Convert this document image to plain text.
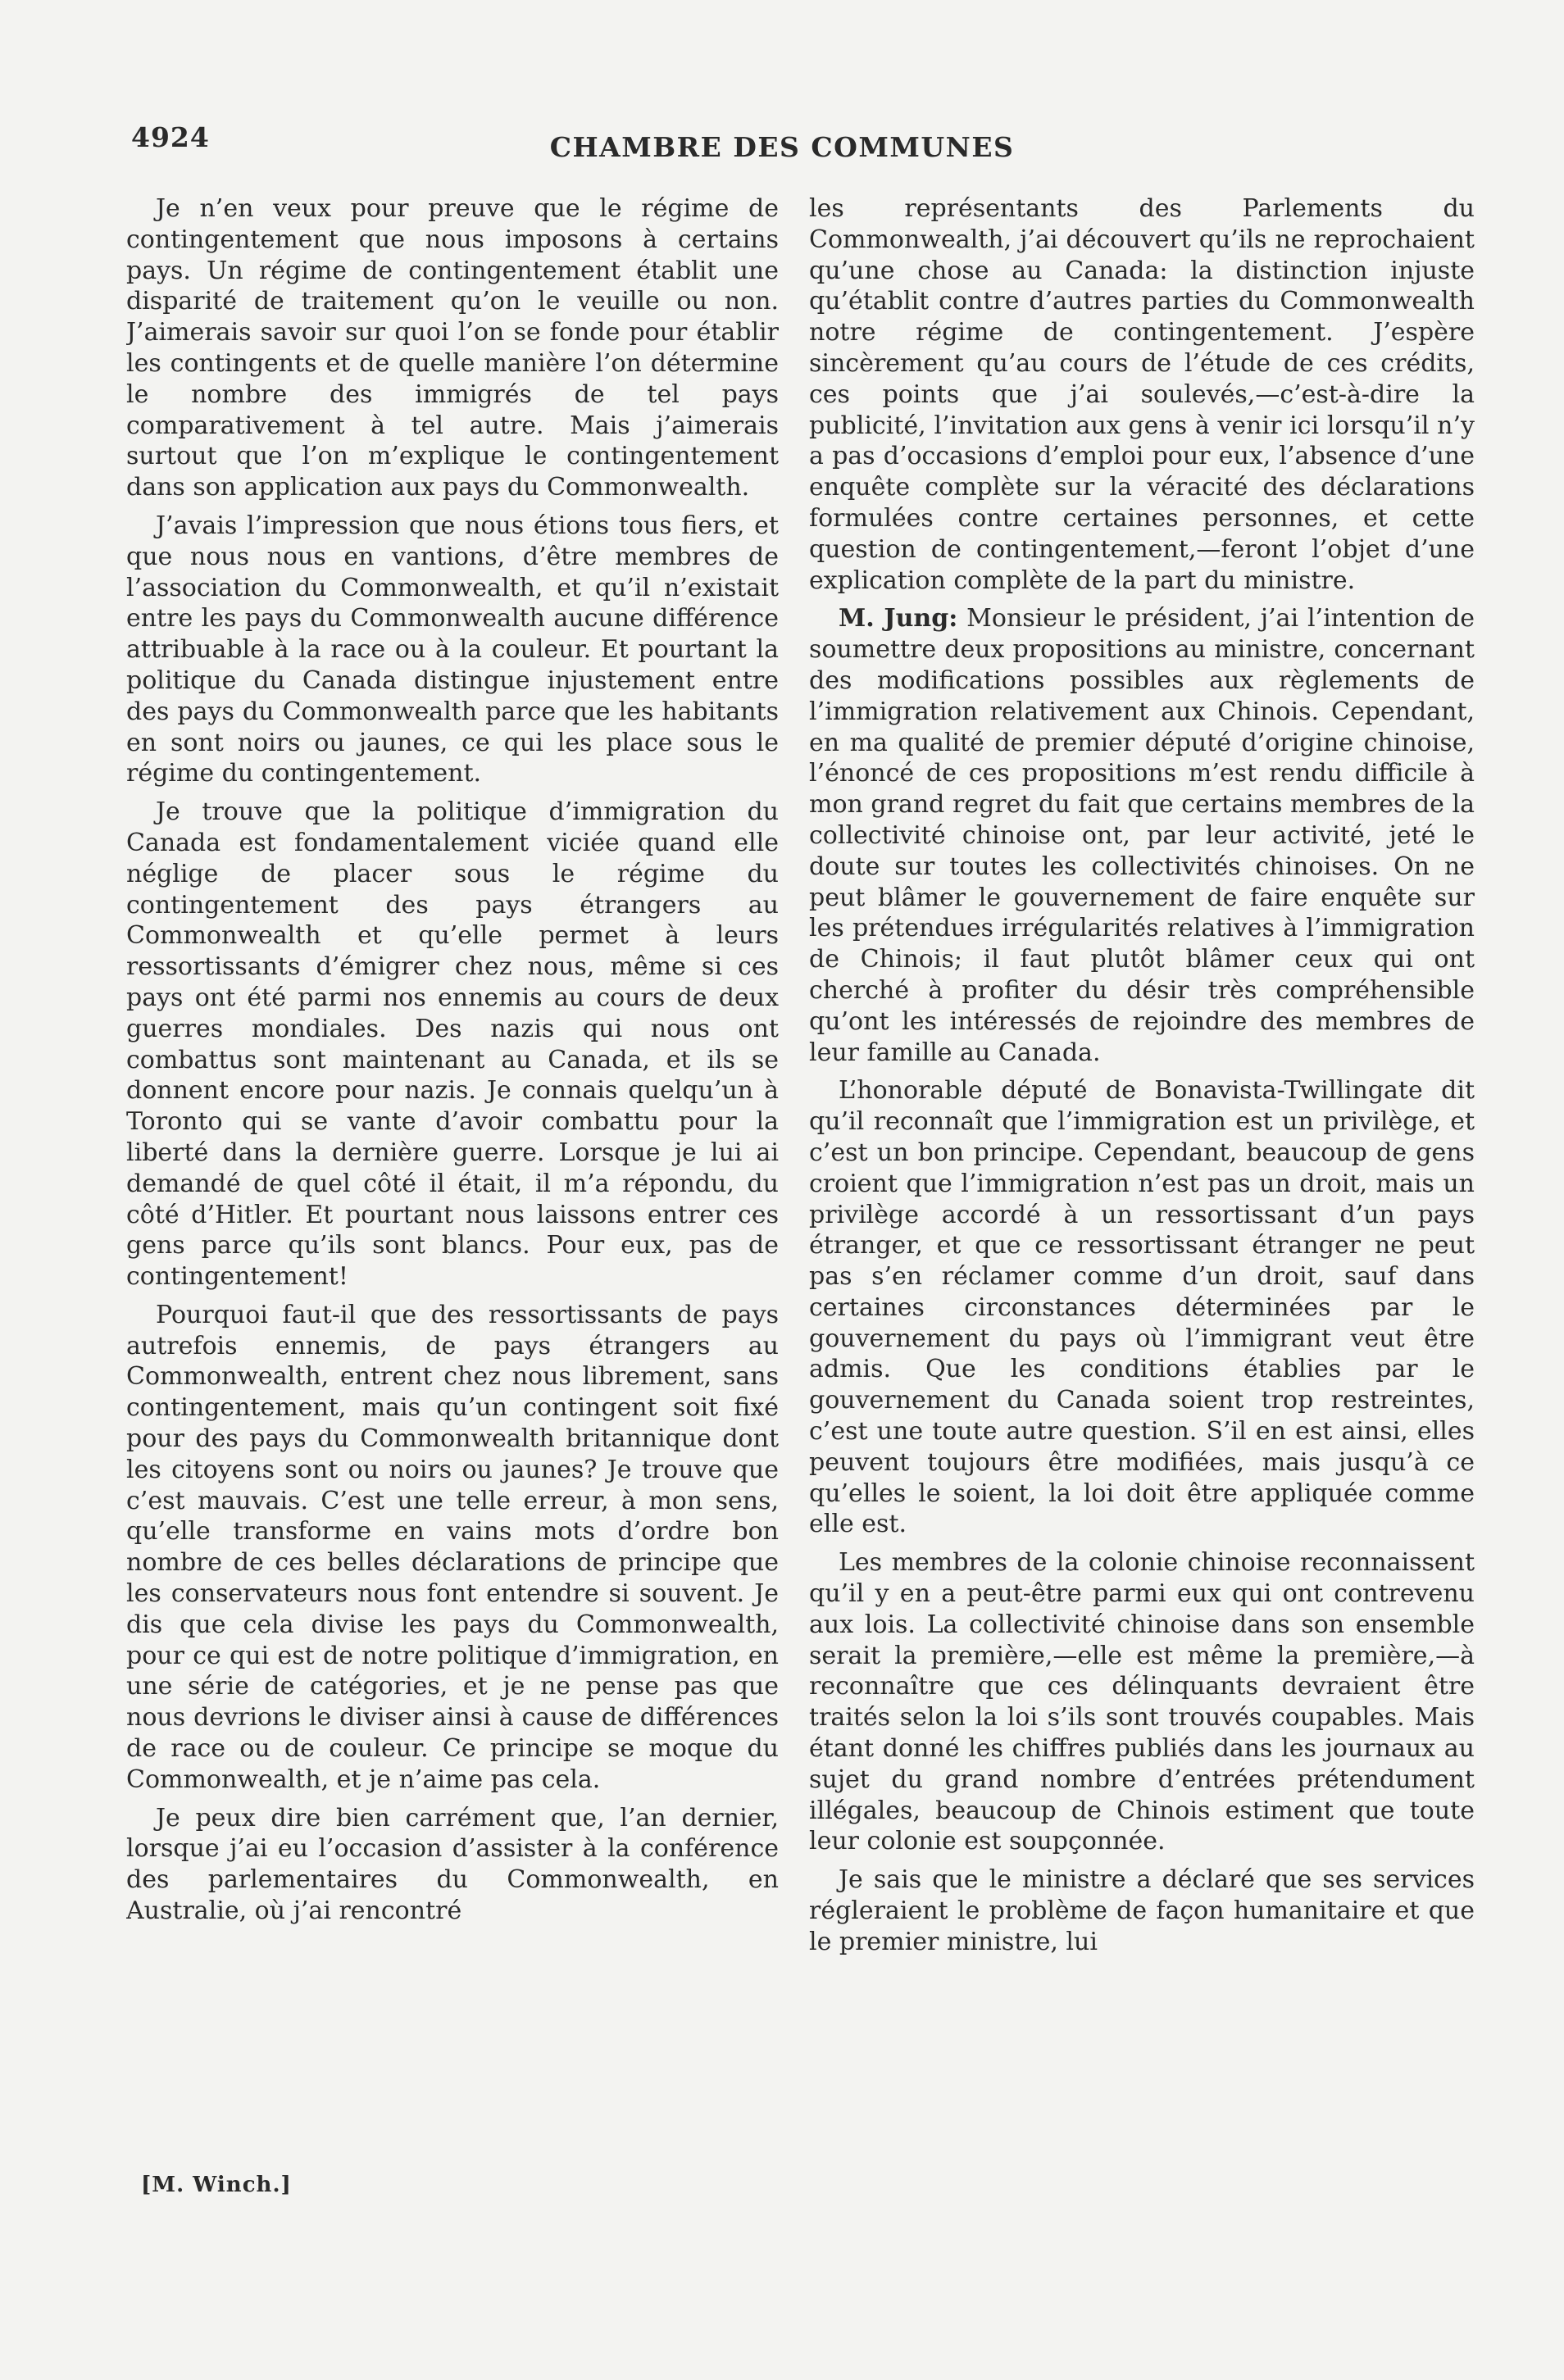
4924	CHAMBRE DES COMMUNES

Je n’en veux pour preuve que le régime de contingentement que nous imposons à certains pays. Un régime de contingentement établit une disparité de traitement qu’on le veuille ou non. J’aimerais savoir sur quoi l’on se fonde pour établir les contingents et de quelle manière l’on détermine le nombre des immigrés de tel pays comparativement à tel autre. Mais j’aimerais surtout que l’on m’explique le contingentement dans son application aux pays du Commonwealth.

J’avais l’impression que nous étions tous fiers, et que nous nous en vantions, d’être membres de l’association du Commonwealth, et qu’il n’existait entre les pays du Commonwealth aucune différence attribuable à la race ou à la couleur. Et pourtant la politique du Canada distingue injustement entre des pays du Commonwealth parce que les habitants en sont noirs ou jaunes, ce qui les place sous le régime du contingentement.

Je trouve que la politique d’immigration du Canada est fondamentalement viciée quand elle néglige de placer sous le régime du contingentement des pays étrangers au Commonwealth et qu’elle permet à leurs ressortissants d’émigrer chez nous, même si ces pays ont été parmi nos ennemis au cours de deux guerres mondiales. Des nazis qui nous ont combattus sont maintenant au Canada, et ils se donnent encore pour nazis. Je connais quelqu’un à Toronto qui se vante d’avoir combattu pour la liberté dans la dernière guerre. Lorsque je lui ai demandé de quel côté il était, il m’a répondu, du côté d’Hitler. Et pourtant nous laissons entrer ces gens parce qu’ils sont blancs. Pour eux, pas de contingentement!

Pourquoi faut-il que des ressortissants de pays autrefois ennemis, de pays étrangers au Commonwealth, entrent chez nous librement, sans contingentement, mais qu’un contingent soit fixé pour des pays du Commonwealth britannique dont les citoyens sont ou noirs ou jaunes? Je trouve que c’est mauvais. C’est une telle erreur, à mon sens, qu’elle transforme en vains mots d’ordre bon nombre de ces belles déclarations de principe que les conservateurs nous font entendre si souvent. Je dis que cela divise les pays du Commonwealth, pour ce qui est de notre politique d’immigration, en une série de catégories, et je ne pense pas que nous devrions le diviser ainsi à cause de différences de race ou de couleur. Ce principe se moque du Commonwealth, et je n’aime pas cela.

Je peux dire bien carrément que, l’an dernier, lorsque j’ai eu l’occasion d’assister à la conférence des parlementaires du Commonwealth, en Australie, où j’ai rencontré

les représentants des Parlements du Commonwealth, j’ai découvert qu’ils ne reprochaient qu’une chose au Canada: la distinction injuste qu’établit contre d’autres parties du Commonwealth notre régime de contingentement. J’espère sincèrement qu’au cours de l’étude de ces crédits, ces points que j’ai soulevés,—c’est-à-dire la publicité, l’invitation aux gens à venir ici lorsqu’il n’y a pas d’occasions d’emploi pour eux, l’absence d’une enquête complète sur la véracité des déclarations formulées contre certaines personnes, et cette question de contingentement,—feront l’objet d’une explication complète de la part du ministre.

M. Jung: Monsieur le président, j’ai l’intention de soumettre deux propositions au ministre, concernant des modifications possibles aux règlements de l’immigration relativement aux Chinois. Cependant, en ma qualité de premier député d’origine chinoise, l’énoncé de ces propositions m’est rendu difficile à mon grand regret du fait que certains membres de la collectivité chinoise ont, par leur activité, jeté le doute sur toutes les collectivités chinoises. On ne peut blâmer le gouvernement de faire enquête sur les prétendues irrégularités relatives à l’immigration de Chinois; il faut plutôt blâmer ceux qui ont cherché à profiter du désir très compréhensible qu’ont les intéressés de rejoindre des membres de leur famille au Canada.

L’honorable député de Bonavista-Twillingate dit qu’il reconnaît que l’immigration est un privilège, et c’est un bon principe. Cependant, beaucoup de gens croient que l’immigration n’est pas un droit, mais un privilège accordé à un ressortissant d’un pays étranger, et que ce ressortissant étranger ne peut pas s’en réclamer comme d’un droit, sauf dans certaines circonstances déterminées par le gouvernement du pays où l’immigrant veut être admis. Que les conditions établies par le gouvernement du Canada soient trop restreintes, c’est une toute autre question. S’il en est ainsi, elles peuvent toujours être modifiées, mais jusqu’à ce qu’elles le soient, la loi doit être appliquée comme elle est.

Les membres de la colonie chinoise reconnaissent qu’il y en a peut-être parmi eux qui ont contrevenu aux lois. La collectivité chinoise dans son ensemble serait la première,—elle est même la première,—à reconnaître que ces délinquants devraient être traités selon la loi s’ils sont trouvés coupables. Mais étant donné les chiffres publiés dans les journaux au sujet du grand nombre d’entrées prétendument illégales, beaucoup de Chinois estiment que toute leur colonie est soupçonnée.

Je sais que le ministre a déclaré que ses services régleraient le problème de façon humanitaire et que le premier ministre, lui

[M. Winch.]
